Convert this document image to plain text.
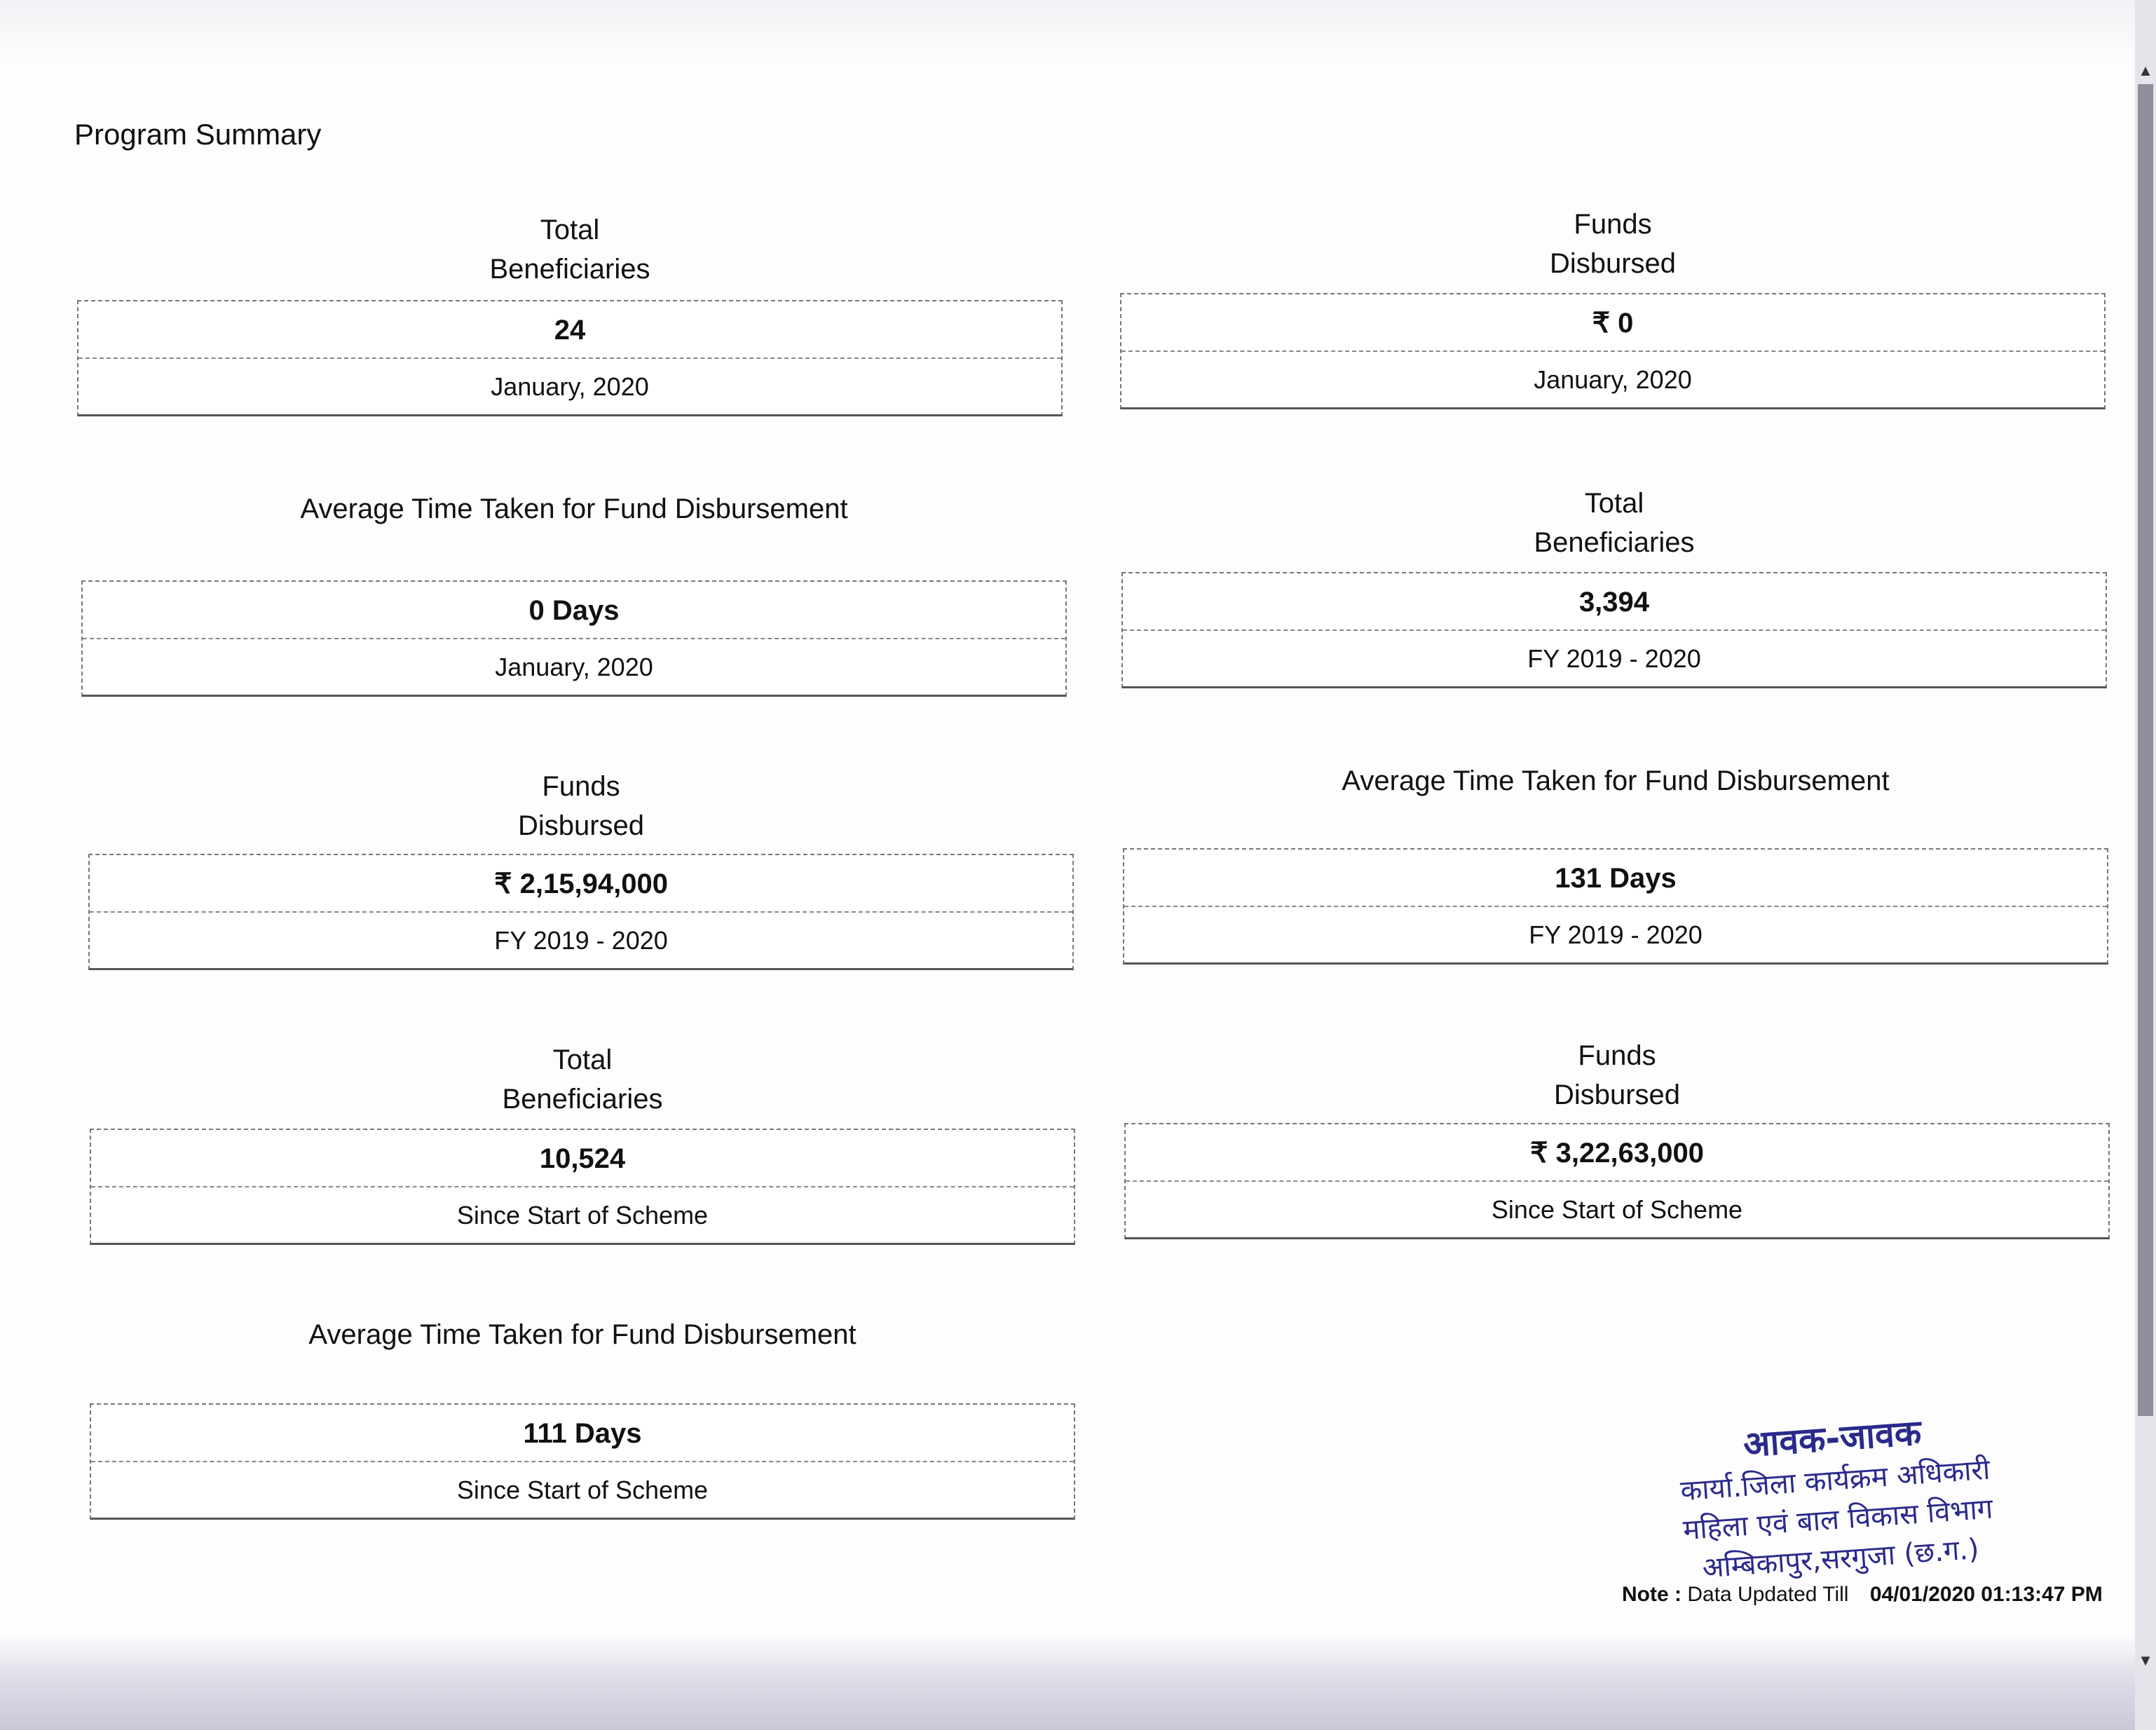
Program Summary
Total
Beneficiaries
24
January, 2020
Funds
Disbursed
₹ 0
January, 2020
Average Time Taken for Fund Disbursement
0 Days
January, 2020
Total
Beneficiaries
3,394
FY 2019 - 2020
Funds
Disbursed
₹ 2,15,94,000
FY 2019 - 2020
Average Time Taken for Fund Disbursement
131 Days
FY 2019 - 2020
Total
Beneficiaries
10,524
Since Start of Scheme
Funds
Disbursed
₹ 3,22,63,000
Since Start of Scheme
Average Time Taken for Fund Disbursement
111 Days
Since Start of Scheme
आवक-जावक
कार्या.जिला कार्यक्रम अधिकारी
महिला एवं बाल विकास विभाग
अम्बिकापुर,सरगुजा (छ.ग.)
Note : Data Updated Till 04/01/2020 01:13:47 PM
▲
▼
